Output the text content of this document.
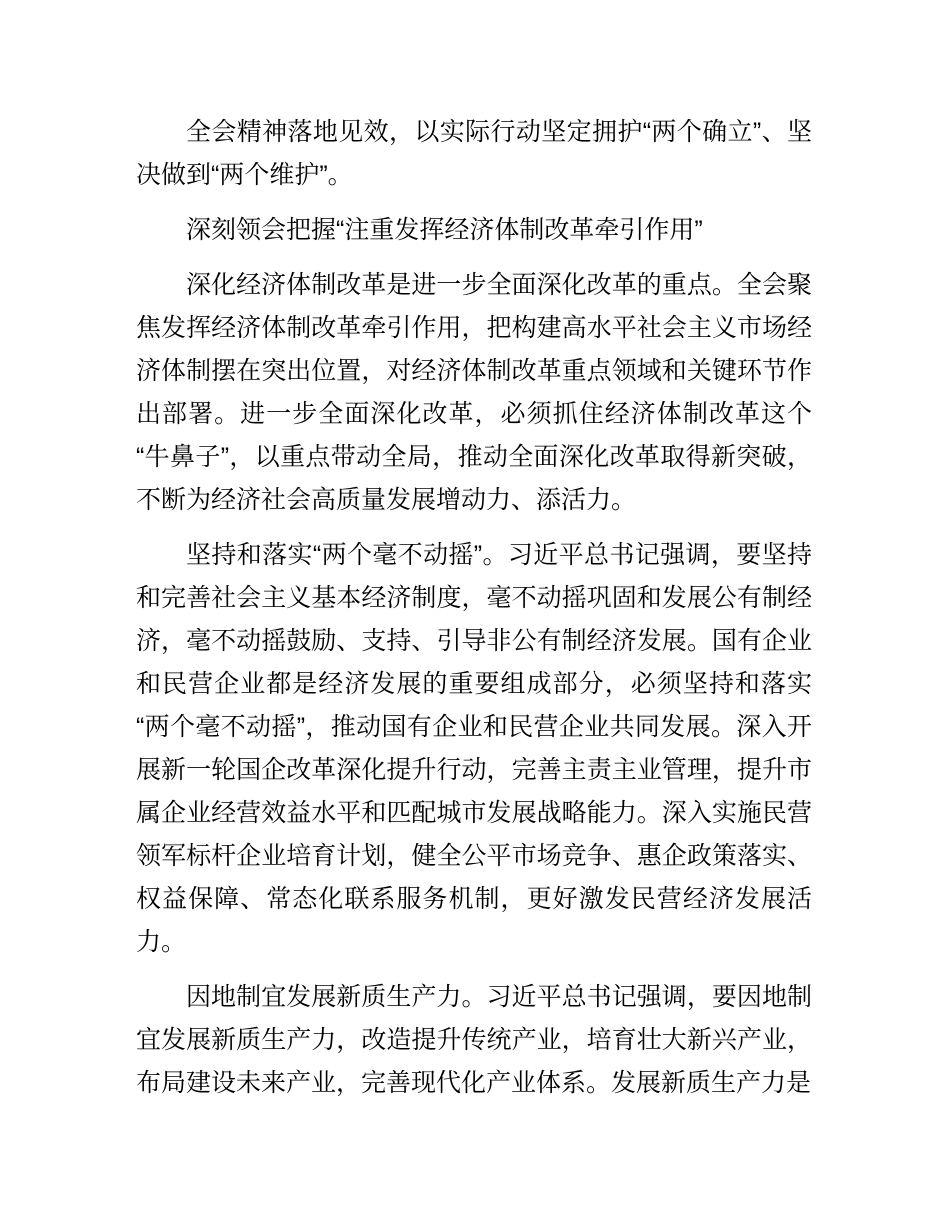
全会精神落地见效，以实际行动坚定拥护“两个确立”、坚决做到“两个维护”。

深刻领会把握“注重发挥经济体制改革牵引作用”

深化经济体制改革是进一步全面深化改革的重点。全会聚焦发挥经济体制改革牵引作用，把构建高水平社会主义市场经济体制摆在突出位置，对经济体制改革重点领域和关键环节作出部署。进一步全面深化改革，必须抓住经济体制改革这个“牛鼻子”，以重点带动全局，推动全面深化改革取得新突破，不断为经济社会高质量发展增动力、添活力。

坚持和落实“两个毫不动摇”。习近平总书记强调，要坚持和完善社会主义基本经济制度，毫不动摇巩固和发展公有制经济，毫不动摇鼓励、支持、引导非公有制经济发展。国有企业和民营企业都是经济发展的重要组成部分，必须坚持和落实“两个毫不动摇”，推动国有企业和民营企业共同发展。深入开展新一轮国企改革深化提升行动，完善主责主业管理，提升市属企业经营效益水平和匹配城市发展战略能力。深入实施民营领军标杆企业培育计划，健全公平市场竞争、惠企政策落实、权益保障、常态化联系服务机制，更好激发民营经济发展活力。

因地制宜发展新质生产力。习近平总书记强调，要因地制宜发展新质生产力，改造提升传统产业，培育壮大新兴产业，布局建设未来产业，完善现代化产业体系。发展新质生产力是
